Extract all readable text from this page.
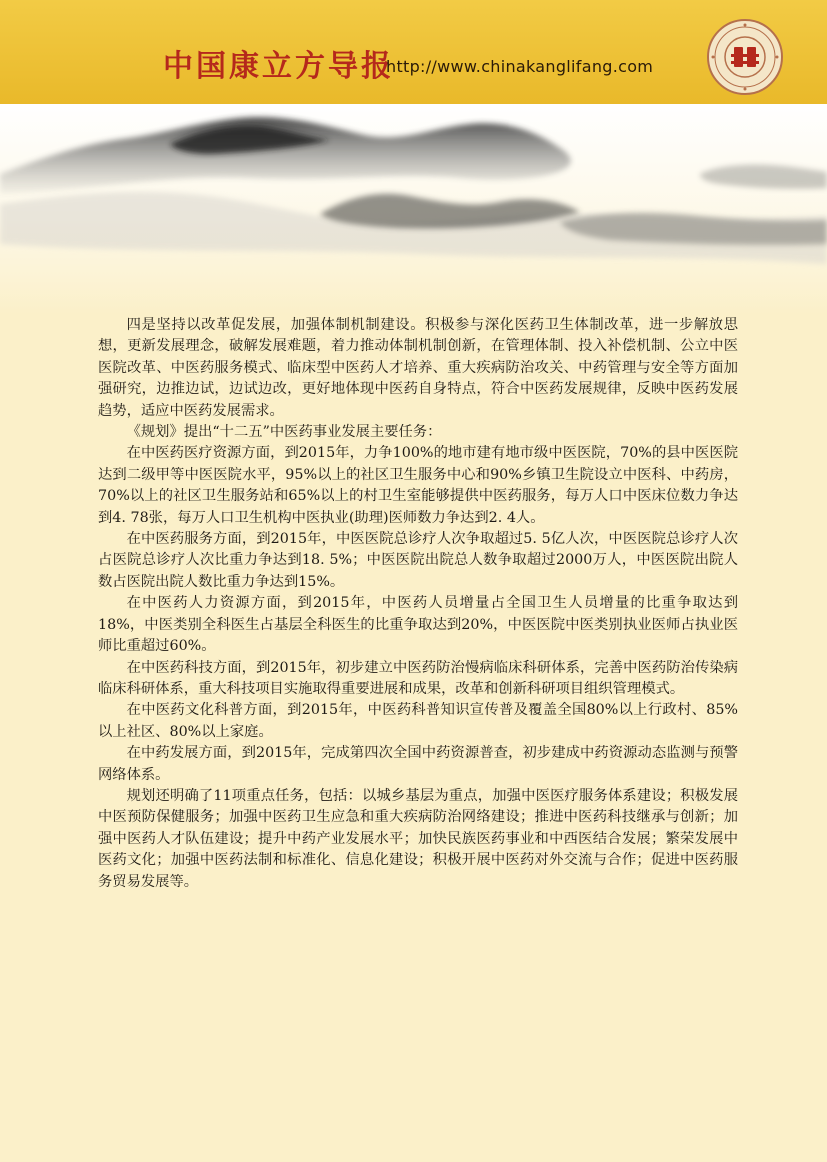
中国康立方导报
http://www.chinakanglifang.com

四是坚持以改革促发展，加强体制机制建设。积极参与深化医药卫生体制改革，进一步解放思想，更新发展理念，破解发展难题，着力推动体制机制创新，在管理体制、投入补偿机制、公立中医医院改革、中医药服务模式、临床型中医药人才培养、重大疾病防治攻关、中药管理与安全等方面加强研究，边推边试，边试边改，更好地体现中医药自身特点，符合中医药发展规律，反映中医药发展趋势，适应中医药发展需求。

《规划》提出“十二五”中医药事业发展主要任务：

在中医药医疗资源方面，到2015年，力争100%的地市建有地市级中医医院，70%的县中医医院达到二级甲等中医医院水平，95%以上的社区卫生服务中心和90%乡镇卫生院设立中医科、中药房，70%以上的社区卫生服务站和65%以上的村卫生室能够提供中医药服务，每万人口中医床位数力争达到4. 78张，每万人口卫生机构中医执业(助理)医师数力争达到2. 4人。

在中医药服务方面，到2015年，中医医院总诊疗人次争取超过5. 5亿人次，中医医院总诊疗人次占医院总诊疗人次比重力争达到18. 5%；中医医院出院总人数争取超过2000万人，中医医院出院人数占医院出院人数比重力争达到15%。

在中医药人力资源方面，到2015年，中医药人员增量占全国卫生人员增量的比重争取达到18%，中医类别全科医生占基层全科医生的比重争取达到20%，中医医院中医类别执业医师占执业医师比重超过60%。

在中医药科技方面，到2015年，初步建立中医药防治慢病临床科研体系，完善中医药防治传染病临床科研体系，重大科技项目实施取得重要进展和成果，改革和创新科研项目组织管理模式。

在中医药文化科普方面，到2015年，中医药科普知识宣传普及覆盖全国80%以上行政村、85%以上社区、80%以上家庭。

在中药发展方面，到2015年，完成第四次全国中药资源普查，初步建成中药资源动态监测与预警网络体系。

规划还明确了11项重点任务，包括：以城乡基层为重点，加强中医医疗服务体系建设；积极发展中医预防保健服务；加强中医药卫生应急和重大疾病防治网络建设；推进中医药科技继承与创新；加强中医药人才队伍建设；提升中药产业发展水平；加快民族医药事业和中西医结合发展；繁荣发展中医药文化；加强中医药法制和标准化、信息化建设；积极开展中医药对外交流与合作；促进中医药服务贸易发展等。
